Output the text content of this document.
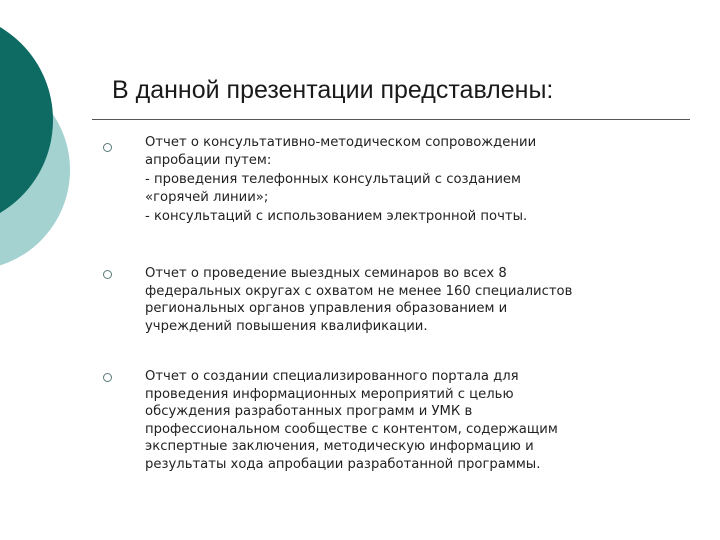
В данной презентации представлены:
Отчет о консультативно-методическом сопровождении
апробации путем:
- проведения телефонных консультаций с созданием
«горячей линии»;
- консультаций с использованием электронной почты.
Отчет о проведение выездных семинаров во всех 8
федеральных округах с охватом не менее 160 специалистов
региональных органов управления образованием и
учреждений повышения квалификации.
Отчет о создании специализированного портала для
проведения информационных мероприятий с целью
обсуждения разработанных программ и УМК в
профессиональном сообществе с контентом, содержащим
экспертные заключения, методическую информацию и
результаты хода апробации разработанной программы.
